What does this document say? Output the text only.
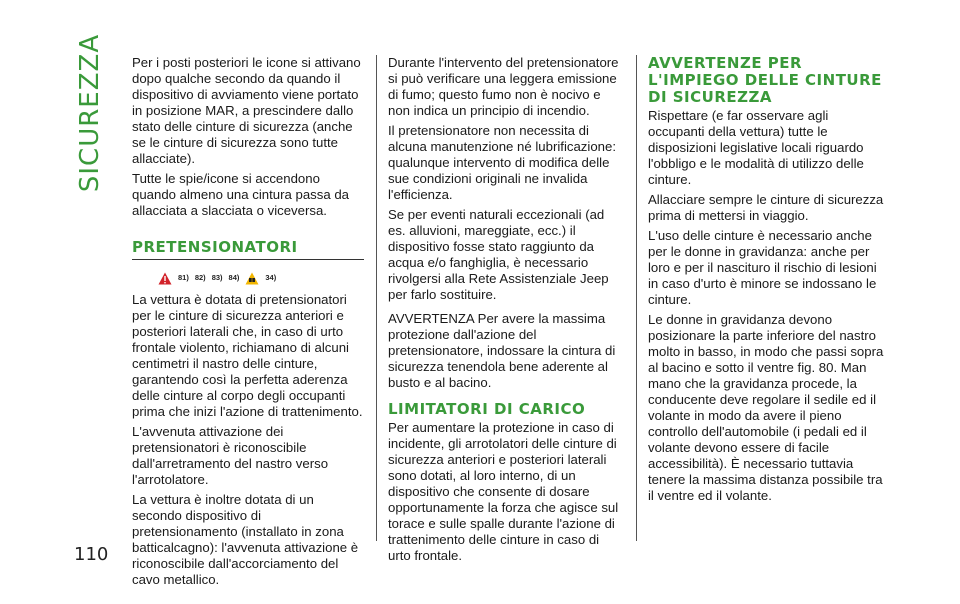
SICUREZZA
110

Per i posti posteriori le icone si attivano dopo qualche secondo da quando il dispositivo di avviamento viene portato in posizione MAR, a prescindere dallo stato delle cinture di sicurezza (anche se le cinture di sicurezza sono tutte allacciate).

Tutte le spie/icone si accendono quando almeno una cintura passa da allacciata a slacciata o viceversa.

PRETENSIONATORI
81) 82) 83) 84)	34)

La vettura è dotata di pretensionatori per le cinture di sicurezza anteriori e posteriori laterali che, in caso di urto frontale violento, richiamano di alcuni centimetri il nastro delle cinture, garantendo così la perfetta aderenza delle cinture al corpo degli occupanti prima che inizi l'azione di trattenimento.

L'avvenuta attivazione dei pretensionatori è riconoscibile dall'arretramento del nastro verso l'arrotolatore.

La vettura è inoltre dotata di un secondo dispositivo di pretensionamento (installato in zona batticalcagno): l'avvenuta attivazione è riconoscibile dall'accorciamento del cavo metallico.

Durante l'intervento del pretensionatore si può verificare una leggera emissione di fumo; questo fumo non è nocivo e non indica un principio di incendio.

Il pretensionatore non necessita di alcuna manutenzione né lubrificazione: qualunque intervento di modifica delle sue condizioni originali ne invalida l'efficienza.

Se per eventi naturali eccezionali (ad es. alluvioni, mareggiate, ecc.) il dispositivo fosse stato raggiunto da acqua e/o fanghiglia, è necessario rivolgersi alla Rete Assistenziale Jeep per farlo sostituire.

AVVERTENZA Per avere la massima protezione dall'azione del pretensionatore, indossare la cintura di sicurezza tenendola bene aderente al busto e al bacino.

LIMITATORI DI CARICO

Per aumentare la protezione in caso di incidente, gli arrotolatori delle cinture di sicurezza anteriori e posteriori laterali sono dotati, al loro interno, di un dispositivo che consente di dosare opportunamente la forza che agisce sul torace e sulle spalle durante l'azione di trattenimento delle cinture in caso di urto frontale.

AVVERTENZE PER L'IMPIEGO DELLE CINTURE DI SICUREZZA

Rispettare (e far osservare agli occupanti della vettura) tutte le disposizioni legislative locali riguardo l'obbligo e le modalità di utilizzo delle cinture.

Allacciare sempre le cinture di sicurezza prima di mettersi in viaggio.

L'uso delle cinture è necessario anche per le donne in gravidanza: anche per loro e per il nascituro il rischio di lesioni in caso d'urto è minore se indossano le cinture.

Le donne in gravidanza devono posizionare la parte inferiore del nastro molto in basso, in modo che passi sopra al bacino e sotto il ventre fig. 80. Man mano che la gravidanza procede, la conducente deve regolare il sedile ed il volante in modo da avere il pieno controllo dell'automobile (i pedali ed il volante devono essere di facile accessibilità). È necessario tuttavia tenere la massima distanza possibile tra il ventre ed il volante.
